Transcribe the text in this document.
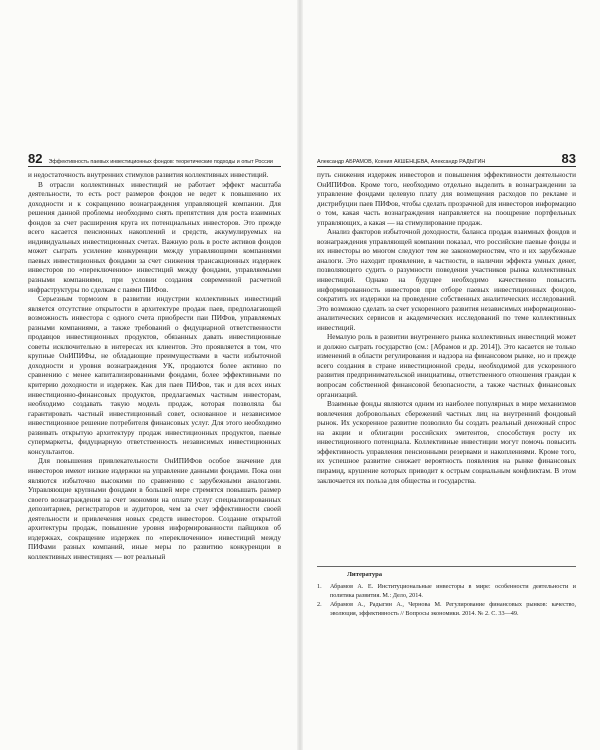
82 Эффективность паевых инвестиционных фондов: теоретические подходы и опыт России

и недостаточность внутренних стимулов развития коллективных инвестиций.

В отрасли коллективных инвестиций не работает эффект масштаба деятельности, то есть рост размеров фондов не ведет к повышению их доходности и к сокращению вознаграждения управляющей компании. Для решения данной проблемы необходимо снять препятствия для роста взаимных фондов за счет расширения круга их потенциальных инвесторов. Это прежде всего касается пенсионных накоплений и средств, аккумулируемых на индивидуальных инвестиционных счетах. Важную роль в росте активов фондов может сыграть усиление конкуренции между управляющими компаниями паевых инвестиционных фондами за счет снижения трансакционных издержек инвесторов по «переключению» инвестиций между фондами, управляемыми разными компаниями, при условии создания современной расчетной инфраструктуры по сделкам с паями ПИФов.

Серьезным тормозом в развитии индустрии коллективных инвестиций является отсутствие открытости в архитектуре продаж паев, предполагающей возможность инвестора с одного счета приобрести паи ПИФов, управляемых разными компаниями, а также требований о фидуциарной ответственности продавцов инвестиционных продуктов, обязанных давать инвестиционные советы исключительно в интересах их клиентов. Это проявляется в том, что крупные ОнИПИФы, не обладающие преимуществами в части избыточной доходности и уровня вознаграждения УК, продаются более активно по сравнению с менее капитализированными фондами, более эффективными по критерию доходности и издержек. Как для паев ПИФов, так и для всех иных инвестиционно-финансовых продуктов, предлагаемых частным инвесторам, необходимо создавать такую модель продаж, которая позволяла бы гарантировать частный инвестиционный совет, основанное и независимое инвестиционное решение потребителя финансовых услуг. Для этого необходимо развивать открытую архитектуру продаж инвестиционных продуктов, паевые супермаркеты, фидуциарную ответственность независимых инвестиционных консультантов.

Для повышения привлекательности ОнИПИФов особое значение для инвесторов имеют низкие издержки на управление данными фондами. Пока они являются избыточно высокими по сравнению с зарубежными аналогами. Управляющие крупными фондами в большей мере стремятся повышать размер своего вознаграждения за счет экономии на оплате услуг специализированных депозитариев, регистраторов и аудиторов, чем за счет эффективности своей деятельности и привлечения новых средств инвесторов. Создание открытой архитектуры продаж, повышение уровня информированности пайщиков об издержках, сокращение издержек по «переключению» инвестиций между ПИФами разных компаний, иные меры по развитию конкуренции в коллективных инвестициях — вот реальный

Александр АБРАМОВ, Ксения АКШЕНЦЕВА, Александр РАДЫГИН	83

путь снижения издержек инвесторов и повышения эффективности деятельности ОнИПИФов. Кроме того, необходимо отдельно выделить в вознаграждении за управление фондами целевую плату для возмещения расходов по рекламе и дистрибуции паев ПИФов, чтобы сделать прозрачной для инвесторов информацию о том, какая часть вознаграждения направляется на поощрение портфельных управляющих, а какая — на стимулирование продаж.

Анализ факторов избыточной доходности, баланса продаж взаимных фондов и вознаграждения управляющей компании показал, что российские паевые фонды и их инвесторы во многом следуют тем же закономерностям, что и их зарубежные аналоги. Это находит проявление, в частности, в наличии эффекта умных денег, позволяющего судить о разумности поведения участников рынка коллективных инвестиций. Однако на будущее необходимо качественно повысить информированность инвесторов при отборе паевых инвестиционных фондов, сократить их издержки на проведение собственных аналитических исследований. Это возможно сделать за счет ускоренного развития независимых информационно-аналитических сервисов и академических исследований по теме коллективных инвестиций.

Немалую роль в развитии внутреннего рынка коллективных инвестиций может и должно сыграть государство (см.: [Абрамов и др. 2014]). Это касается не только изменений в области регулирования и надзора на финансовом рынке, но и прежде всего создания в стране инвестиционной среды, необходимой для ускоренного развития предпринимательской инициативы, ответственного отношения граждан к вопросам собственной финансовой безопасности, а также частных финансовых организаций.

Взаимные фонды являются одним из наиболее популярных в мире механизмов вовлечения добровольных сбережений частных лиц на внутренний фондовый рынок. Их ускоренное развитие позволило бы создать реальный денежный спрос на акции и облигации российских эмитентов, способствуя росту их инвестиционного потенциала. Коллективные инвестиции могут помочь повысить эффективность управления пенсионными резервами и накоплениями. Кроме того, их успешное развитие снижает вероятность появления на рынке финансовых пирамид, крушение которых приводит к острым социальным конфликтам. В этом заключается их польза для общества и государства.

Литература
1.	Абрамов А. Е. Институциональные инвесторы в мире: особенности деятельности и политика развития. М.: Дело, 2014.
2.	Абрамов А., Радыгин А., Чернова М. Регулирование финансовых рынков: качество, эволюция, эффективность // Вопросы экономики. 2014. № 2. С. 33—49.
